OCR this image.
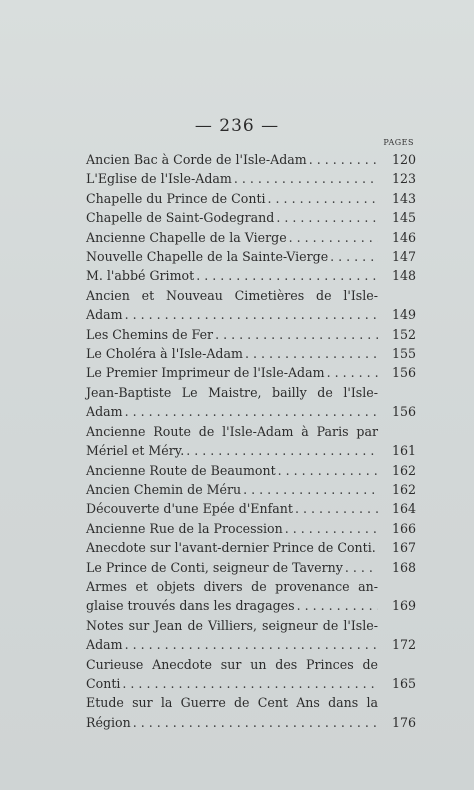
— 236 —
PAGES
Ancien Bac à Corde de l'Isle-Adam . . .	120
L'Eglise de l'Isle-Adam . . .	123
Chapelle du Prince de Conti . . .	143
Chapelle de Saint-Godegrand . . .	145
Ancienne Chapelle de la Vierge . . .	146
Nouvelle Chapelle de la Sainte-Vierge . . .	147
M. l'abbé Grimot . . .	148
Ancien et Nouveau Cimetières de l'Isle-
Adam . . .	149
Les Chemins de Fer . . .	152
Le Choléra à l'Isle-Adam . . .	155
Le Premier Imprimeur de l'Isle-Adam . . .	156
Jean-Baptiste Le Maistre, bailly de l'Isle-
Adam . . .	156
Ancienne Route de l'Isle-Adam à Paris par
Mériel et Méry. . . .	161
Ancienne Route de Beaumont . . .	162
Ancien Chemin de Méru . . .	162
Découverte d'une Epée d'Enfant . . .	164
Ancienne Rue de la Procession . . .	166
Anecdote sur l'avant-dernier Prince de Conti. . . .	167
Le Prince de Conti, seigneur de Taverny . . .	168
Armes et objets divers de provenance an-
glaise trouvés dans les dragages . . .	169
Notes sur Jean de Villiers, seigneur de l'Isle-
Adam . . .	172
Curieuse Anecdote sur un des Princes de
Conti . . .	165
Etude sur la Guerre de Cent Ans dans la
Région . . .	176
